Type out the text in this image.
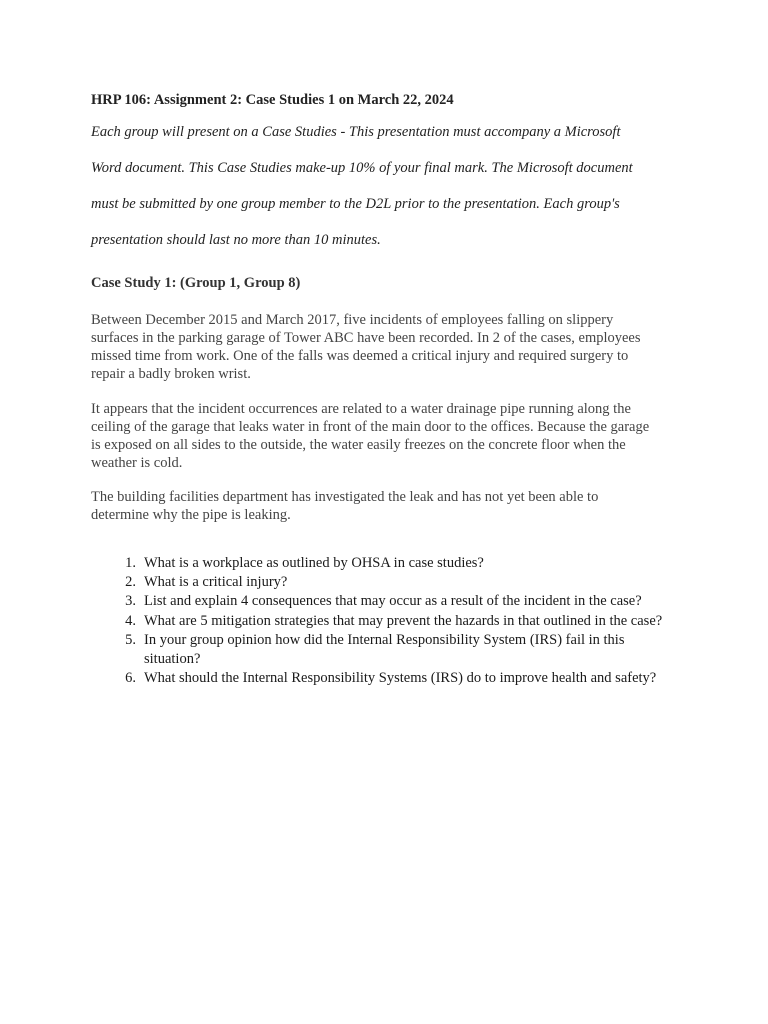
HRP 106: Assignment 2: Case Studies 1 on March 22, 2024
Each group will present on a Case Studies - This presentation must accompany a Microsoft
Word document. This Case Studies make-up 10% of your final mark. The Microsoft document
must be submitted by one group member to the D2L prior to the presentation. Each group's
presentation should last no more than 10 minutes.
Case Study 1: (Group 1, Group 8)
Between December 2015 and March 2017, five incidents of employees falling on slippery
surfaces in the parking garage of Tower ABC have been recorded. In 2 of the cases, employees
missed time from work. One of the falls was deemed a critical injury and required surgery to
repair a badly broken wrist.
It appears that the incident occurrences are related to a water drainage pipe running along the
ceiling of the garage that leaks water in front of the main door to the offices. Because the garage
is exposed on all sides to the outside, the water easily freezes on the concrete floor when the
weather is cold.
The building facilities department has investigated the leak and has not yet been able to
determine why the pipe is leaking.
1. What is a workplace as outlined by OHSA in case studies?
2. What is a critical injury?
3. List and explain 4 consequences that may occur as a result of the incident in the case?
4. What are 5 mitigation strategies that may prevent the hazards in that outlined in the case?
5. In your group opinion how did the Internal Responsibility System (IRS) fail in this
situation?
6. What should the Internal Responsibility Systems (IRS) do to improve health and safety?
